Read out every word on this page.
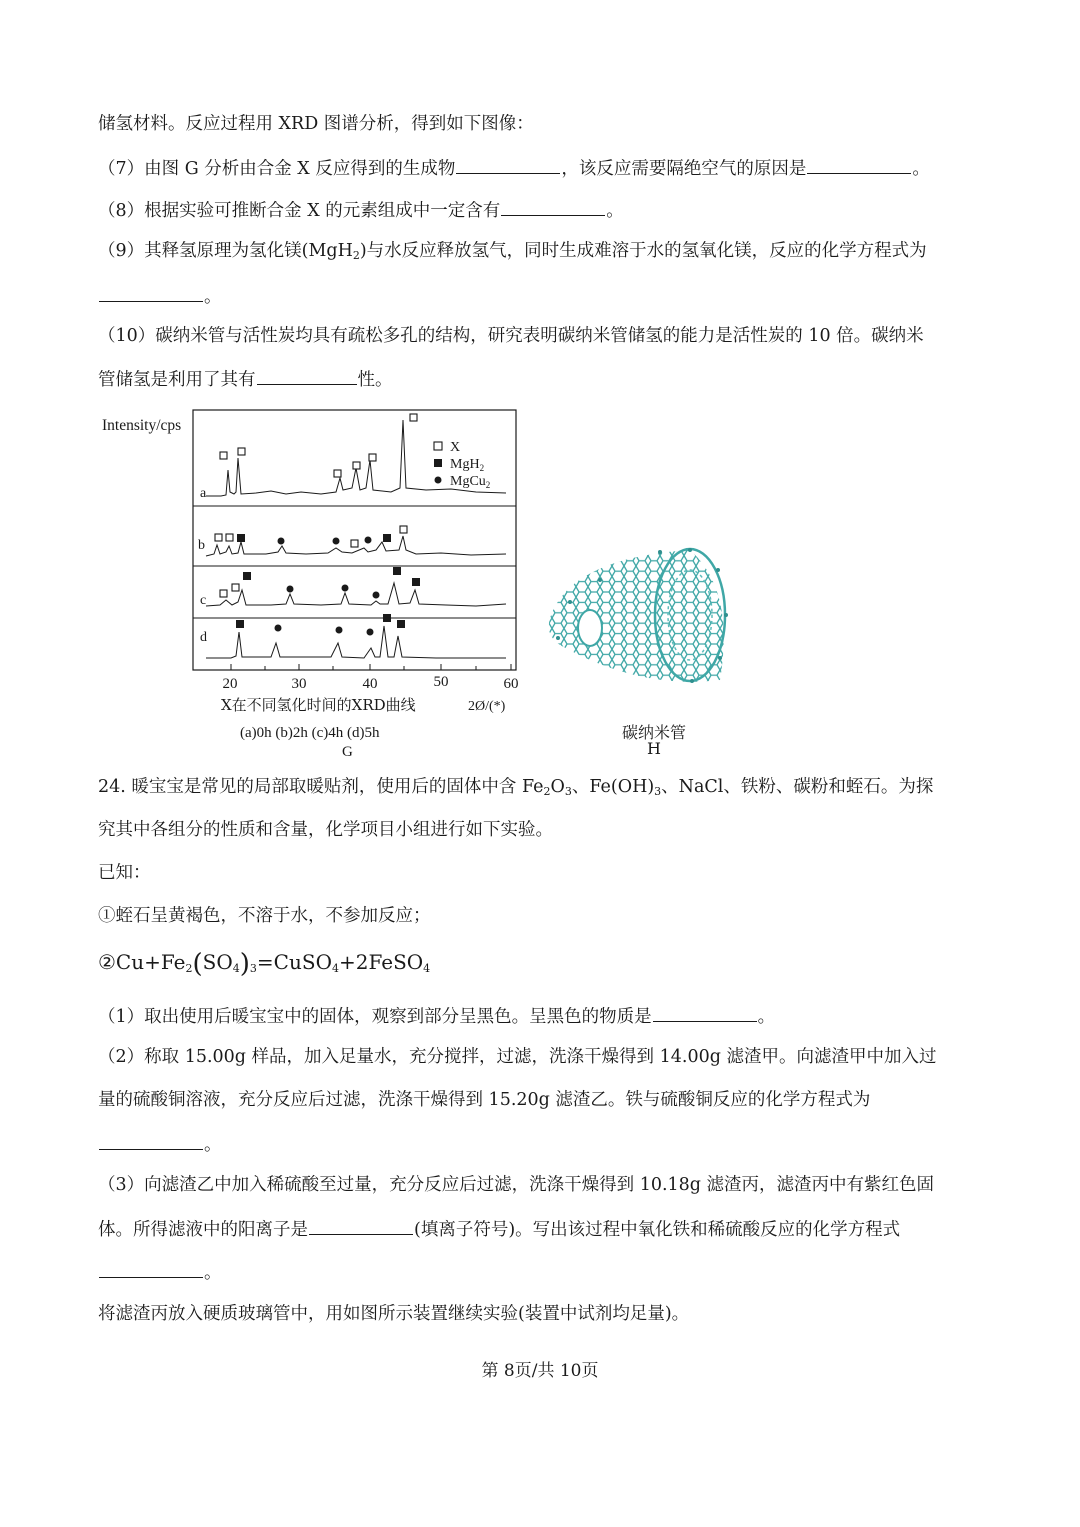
储氢材料。反应过程用 XRD 图谱分析，得到如下图像：
（7）由图 G 分析由合金 X 反应得到的生成物	，该反应需要隔绝空气的原因是	。
（8）根据实验可推断合金 X 的元素组成中一定含有	。
（9）其释氢原理为氢化镁(MgH$_2$)与水反应释放氢气，同时生成难溶于水的氢氧化镁，反应的化学方程式为
。
（10）碳纳米管与活性炭均具有疏松多孔的结构，研究表明碳纳米管储氢的能力是活性炭的 10 倍。碳纳米
管储氢是利用了其有	性。
Intensity/cps
a
b
c
d
X
MgH$_2$
MgCu$_2$
20	30	40	50	60
X在不同氢化时间的XRD曲线	2Ø/(*)
(a)0h (b)2h (c)4h (d)5h
G
碳纳米管
H
24. 暖宝宝是常见的局部取暖贴剂，使用后的固体中含 $Fe_2O_3$、$Fe(OH)_3$、NaCl、铁粉、碳粉和蛭石。为探
究其中各组分的性质和含量，化学项目小组进行如下实验。
已知：
①蛭石呈黄褐色，不溶于水，不参加反应；
$②Cu+Fe_2(SO_4)_3=CuSO_4+2FeSO_4$
（1）取出使用后暖宝宝中的固体，观察到部分呈黑色。呈黑色的物质是	。
（2）称取 15.00g 样品，加入足量水，充分搅拌，过滤，洗涤干燥得到 14.00g 滤渣甲。向滤渣甲中加入过
量的硫酸铜溶液，充分反应后过滤，洗涤干燥得到 15.20g 滤渣乙。铁与硫酸铜反应的化学方程式为
。
（3）向滤渣乙中加入稀硫酸至过量，充分反应后过滤，洗涤干燥得到 10.18g 滤渣丙，滤渣丙中有紫红色固
体。所得滤液中的阳离子是	(填离子符号)。写出该过程中氧化铁和稀硫酸反应的化学方程式
。
将滤渣丙放入硬质玻璃管中，用如图所示装置继续实验(装置中试剂均足量)。
第 8页/共 10页
